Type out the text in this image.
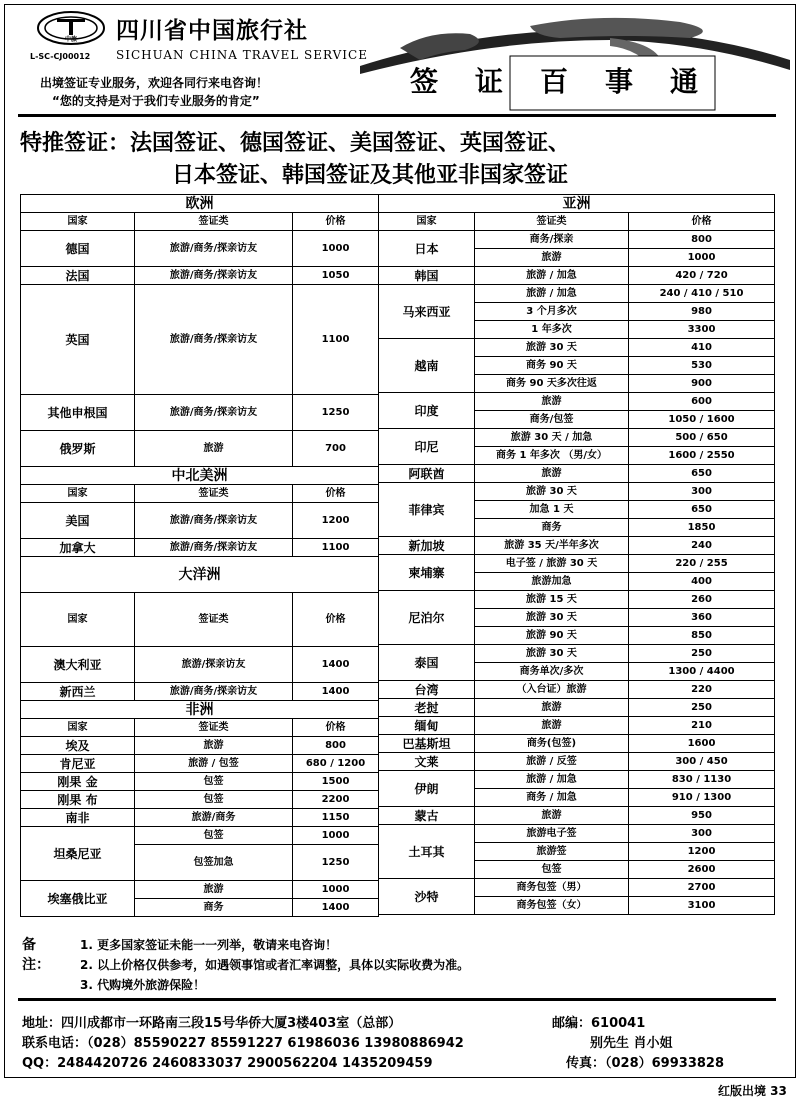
中旅
L-SC-CJ00012
四川省中国旅行社
SICHUAN CHINA TRAVEL SERVICE
出境签证专业服务，欢迎各同行来电咨询！
“您的支持是对于我们专业服务的肯定”
签 证 百 事 通
特推签证：法国签证、德国签证、美国签证、英国签证、
日本签证、韩国签证及其他亚非国家签证
欧洲		
国家	签证类	价格
德国	旅游/商务/探亲访友	1000
法国	旅游/商务/探亲访友	1050
英国	旅游/商务/探亲访友	1100
其他申根国	旅游/商务/探亲访友	1250
俄罗斯	旅游	700
中北美洲		
国家	签证类	价格
美国	旅游/商务/探亲访友	1200
加拿大	旅游/商务/探亲访友	1100
大洋洲		
国家	签证类	价格
澳大利亚	旅游/探亲访友	1400
新西兰	旅游/商务/探亲访友	1400
非洲		
国家	签证类	价格
埃及	旅游	800
肯尼亚	旅游 / 包签	680 / 1200
刚果 金	包签	1500
刚果 布	包签	2200
南非	旅游/商务	1150
坦桑尼亚	包签	1000
	包签加急	1250
埃塞俄比亚	旅游	1000
	商务	1400
亚洲		
国家	签证类	价格
日本	商务/探亲	800
	旅游	1000
韩国	旅游 / 加急	420 / 720
马来西亚	旅游 / 加急	240 / 410 / 510
	3 个月多次	980
	1 年多次	3300
越南	旅游 30 天	410
	商务 90 天	530
	商务 90 天多次往返	900
印度	旅游	600
	商务/包签	1050 / 1600
印尼	旅游 30 天 / 加急	500 / 650
	商务 1 年多次 （男/女）	1600 / 2550
阿联酋	旅游	650
菲律宾	旅游 30 天	300
	加急 1 天	650
	商务	1850
新加坡	旅游 35 天/半年多次	240
柬埔寨	电子签 / 旅游 30 天	220 / 255
	旅游加急	400
尼泊尔	旅游 15 天	260
	旅游 30 天	360
	旅游 90 天	850
泰国	旅游 30 天	250
	商务单次/多次	1300 / 4400
台湾	（入台证）旅游	220
老挝	旅游	250
缅甸	旅游	210
巴基斯坦	商务(包签)	1600
文莱	旅游 / 反签	300 / 450
伊朗	旅游 / 加急	830 / 1130
	商务 / 加急	910 / 1300
蒙古	旅游	950
土耳其	旅游电子签	300
	旅游签	1200
	包签	2600
沙特	商务包签（男）	2700
	商务包签（女）	3100
备注：
1. 更多国家签证未能一一列举，敬请来电咨询！
2. 以上价格仅供参考，如遇领事馆或者汇率调整，具体以实际收费为准。
3. 代购境外旅游保险！
地址：四川成都市一环路南三段15号华侨大厦3楼403室（总部）	邮编：610041
联系电话：（028）85590227 85591227 61986036 13980886942	别先生 肖小姐
QQ：2484420726 2460833037 2900562204 1435209459	传真：（028）69933828
红版出境 33
